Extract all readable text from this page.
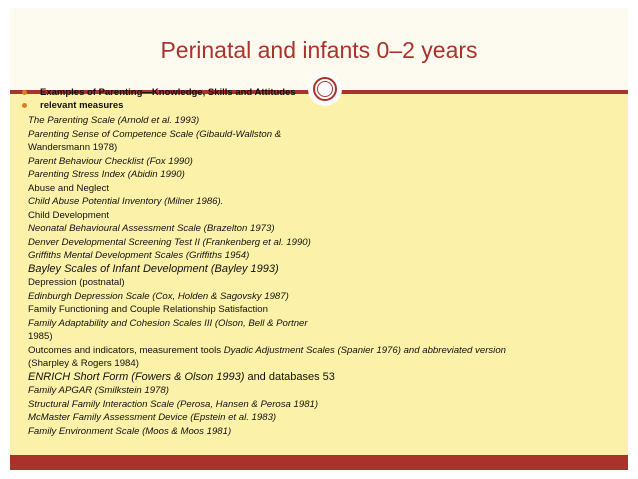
Perinatal and infants 0–2 years
Examples of Parenting—Knowledge, Skills and Attitudes
relevant measures
The Parenting Scale (Arnold et al. 1993)
Parenting Sense of Competence Scale (Gibauld-Wallston &
Wandersmann 1978)
Parent Behaviour Checklist (Fox 1990)
Parenting Stress Index (Abidin 1990)
Abuse and Neglect
Child Abuse Potential Inventory (Milner 1986).
Child Development
Neonatal Behavioural Assessment Scale (Brazelton 1973)
Denver Developmental Screening Test II (Frankenberg et al. 1990)
Griffiths Mental Development Scales (Griffiths 1954)
Bayley Scales of Infant Development (Bayley 1993)
Depression (postnatal)
Edinburgh Depression Scale (Cox, Holden & Sagovsky 1987)
Family Functioning and Couple Relationship Satisfaction
Family Adaptability and Cohesion Scales III (Olson, Bell & Portner
1985)
Outcomes and indicators, measurement tools Dyadic Adjustment Scales (Spanier 1976) and abbreviated version
(Sharpley & Rogers 1984)
ENRICH Short Form (Fowers & Olson 1993) and databases 53
Family APGAR (Smilkstein 1978)
Structural Family Interaction Scale (Perosa, Hansen & Perosa 1981)
McMaster Family Assessment Device (Epstein et al. 1983)
Family Environment Scale (Moos & Moos 1981)
